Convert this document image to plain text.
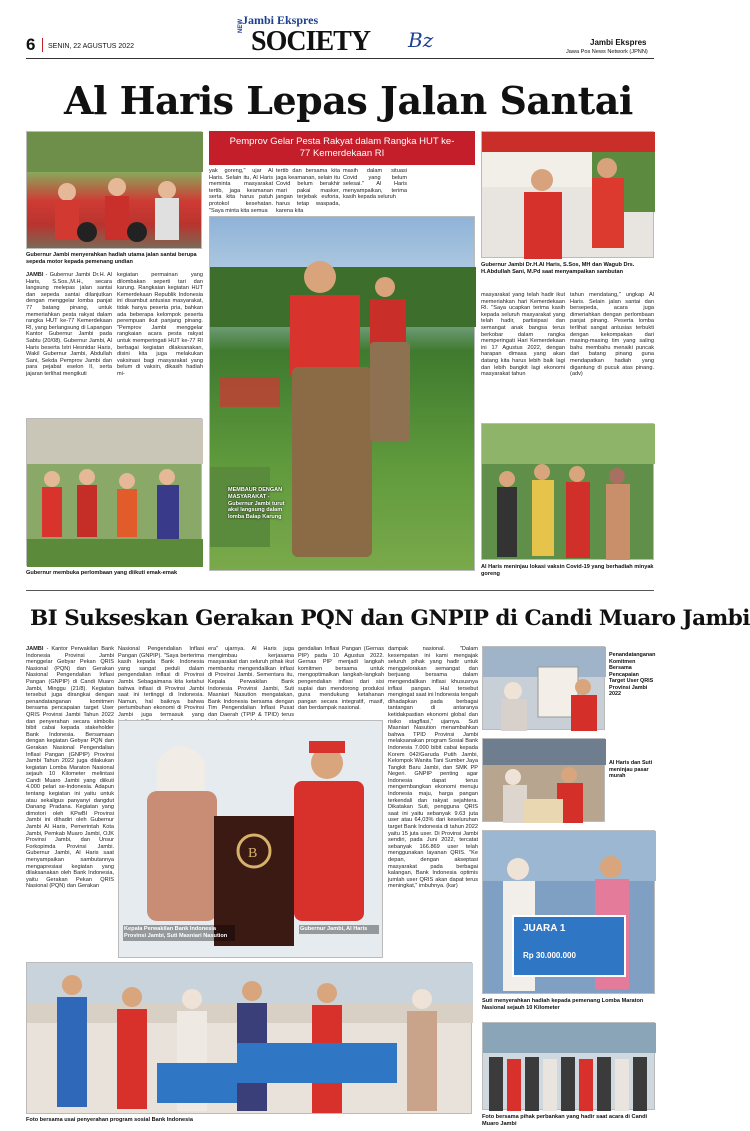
6 SENIN, 22 AGUSTUS 2022
Jambi Ekspres
NEW SOCIETY Bz	Jambi Ekspres
Jawa Pos News Network (JPNN)
Al Haris Lepas Jalan Santai
Gubernur Jambi menyerahkan hadiah utama jalan santai berupa sepeda motor kepada pemenang undian
JAMBI - Gubernur Jambi Dr.H. Al Haris, S.Sos.,M.H., secara langsung melepas jalan santai dan sepeda santai dilanjutkan dengan menggelar lomba panjat 77 batang pinang, untuk memeriahkan pesta rakyat dalam rangka HUT ke-77 Kemerdekaan RI, yang berlangsung di Lapangan Kantor Gubernur Jambi pada Sabtu (20/08). Gubernur Jambi, Al Haris beserta Istri Hesnidar Haris, Wakil Gubernur Jambi, Abdullah Sani, Sekda Pemprov Jambi dan para pejabat eselon II, serta jajaran terlihat mengikuti
kegiatan permainan yang dilombakan seperti tari dan karung. Rangkaian kegiatan HUT Kemerdekaan Republik Indonesia ini disambut antusias masyarakat, tidak hanya peserta pria, bahkan ada beberapa kelompok peserta perempuan ikut panjang pinang. "Pemprov Jambi menggelar rangkaian acara pesta rakyat untuk memperingati HUT ke-77 RI berbagai kegiatan dilaksanakan, disini kita juga melakukan vaksinasi bagi masyarakat yang belum di vaksin, dikasih hadiah mi-
Gubernur membuka perlombaan yang diikuti emak-emak
Pemprov Gelar Pesta Rakyat dalam Rangka HUT ke-77 Kemerdekaan RI
yak goreng," ujar Al Haris. Selain itu, Al Haris meminta masyarakat tertib, jaga keamanan serta kita harus patuh protokol kesehatan. "Saya minta kita semua
tertib dan bersama kita jaga keamanan, selain itu Covid belum berakhir mari pakai masker, jangan terjebak euforia, harus tetap waspada, karena kita
masih dalam situasi Covid yang belum selesai." Al Haris menyampaikan, terima kasih kepada seluruh
MEMBAUR DENGAN MASYARAKAT - Gubernur Jambi turut aksi langsung dalam lomba Balap Karung
Gubernur Jambi Dr.H.Al Haris, S.Sos, MH dan Wagub Drs. H.Abdullah Sani, M.Pd saat menyampaikan sambutan
masyarakat yang telah hadir ikut memeriahkan hari Kemerdekaan RI. "Saya ucapkan terima kasih kepada seluruh masyarakat yang telah hadir, partisipasi dan semangat anak bangsa terus berkobar dalam rangka memperingati Hari Kemerdekaan ini 17 Agustus 2022, dengan harapan dimasa yang akan datang kita harus lebih baik lagi dan lebih bangkit lagi ekonomi masyarakat tahun
tahun mendatang," ungkap Al Haris. Selain jalan santai dan bersepeda, acara juga dimeriahkan dengan perlombaan panjat pinang. Peserta lomba terlihat sangat antusias terbukti dengan kekompakan dari masing-masing tim yang saling bahu membahu menaiki puncak dari batang pinang guna mendapatkan hadiah yang digantung di pucuk atas pinang. (adv)
Al Haris meninjau lokasi vaksin Covid-19 yang berhadiah minyak goreng
BI Sukseskan Gerakan PQN dan GNPIP di Candi Muaro Jambi
JAMBI - Kantor Perwakilan Bank Indonesia Provinsi Jambi menggelar Gebyar Pekan QRIS Nasional (PQN) dan Gerakan Nasional Pengendalian Inflasi Pangan (GNPIP) di Candi Muaro Jambi, Minggu (21/8). Kegiatan tersebut juga dirangkai dengan penandatanganan komitmen bersama pencapaian target User QRIS Provinsi Jambi Tahun 2022 dan penyerahan secara simbolis bibit cabai kepada stakeholder Bank Indonesia. Bersamaan dengan kegiatan Gebyar PQN dan Gerakan Nasional Pengendalian Inflasi Pangan (GNPIP) Provinsi Jambi Tahun 2022 juga dilakukan kegiatan Lomba Maraton Nasional sejauh 10 Kilometer melintasi Candi Muaro Jambi yang diikuti 4.000 pelari se-Indonesia. Adapun tentang kegiatan ini yaitu untuk atau sekaligus panyanyi dangdut Danang Pradana. Kegiatan yang dimotori oleh KPwBI Provinsi Jambi ini dihadiri oleh Gubernur Jambi Al Haris, Pemerintah Kota Jambi, Pemkab Muaro Jambi, OJK Provinsi Jambi, dan Unsur Forkopimda Provinsi Jambi. Gubernur Jambi, Al Haris saat menyampaikan sambutannya mengapresiasi kegiatan yang dilaksanakan oleh Bank Indonesia, yaitu Gerakan Pekan QRIS Nasional (PQN) dan Gerakan
Nasional Pengendalian Inflasi Pangan (GNPIP). "Saya berterima kasih kepada Bank Indonesia yang sangat peduli dalam pengendalian inflasi di Provinsi Jambi. Sebagaimana kita ketahui bahwa inflasi di Provinsi Jambi saat ini tertinggi di Indonesia. Namun, hal baiknya bahwa pertumbuhan ekonomi di Provinsi Jambi juga termasuk yang
era" ujarnya. Al Haris juga mengimbau kerjasama masyarakat dan seluruh pihak ikut membantu mengendalikan inflasi di Provinsi Jambi. Sementara itu, Kepala Perwakilan Bank Indonesia Provinsi Jambi, Suti Masniari Nasution mengatakan, Bank Indonesia bersama dengan Tim Pengendalian Inflasi Pusat dan Daerah (TPIP & TPID) terus
gendalian Inflasi Pangan (Gernas PIP) pada 10 Agustus 2022. Gernas PIP menjadi langkah komitmen bersama untuk mengoptimalkan langkah-langkah pengendalian inflasi dari sisi suplai dan mendorong produksi guna mendukung ketahanan pangan secara integratif, masif, dan berdampak nasional.
B
Kepala Perwakilan Bank Indonesia Provinsi Jambi, Suti Masniari Nasution
Gubernur Jambi, Al Haris
dampak nasional. "Dalam kesempatan ini kami mengajak seluruh pihak yang hadir untuk menggelorakan semangat dan berjuang bersama dalam mengendalikan inflasi khususnya inflasi pangan. Hal tersebut mengingat saat ini Indonesia tengah dihadapkan pada berbagai tantangan di antaranya ketidakpastian ekonomi global dan risiko stagflasi," ujarnya. Suti Masniari Nasution menambahkan bahwa TPID Provinsi Jambi melaksanakan program Sosial Bank Indonesia 7.000 bibit cabai kepada Korem 042/Garuda Putih Jambi, Kelompok Wanita Tani Sumber Jaya Tangkit Baru Jambi, dan SMK PP Negeri. GNPIP penting agar Indonesia dapat terus mengembangkan ekonomi menuju Indonesia maju, harga pangan terkendali dan rakyat sejahtera. Dikatakan Suti, pengguna QRIS saat ini yaitu sebanyak 9.63 juta user atau 64,03% dari keseluruhan target Bank Indonesia di tahun 2022 yaitu 15 juta user. Di Provinsi Jambi sendiri, pada Juni 2022, tercatat sebanyak 166.869 user telah menggunakan layanan QRIS. "Ke depan, dengan akseptasi masyarakat pada berbagai kalangan, Bank Indonesia optimis jumlah user QRIS akan dapat terus meningkat," imbuhnya. (kar)
Penandatanganan Komitmen Bersama Pencapaian Target User QRIS Provinsi Jambi 2022
Al Haris dan Suti meninjau pasar murah
JUARA 1
Rp 30.000.000
Suti menyerahkan hadiah kepada pemenang Lomba Maraton Nasional sejauh 10 Kilometer
Foto bersama usai penyerahan program sosial Bank Indonesia	Foto bersama pihak perbankan yang hadir saat acara di Candi Muaro Jambi
